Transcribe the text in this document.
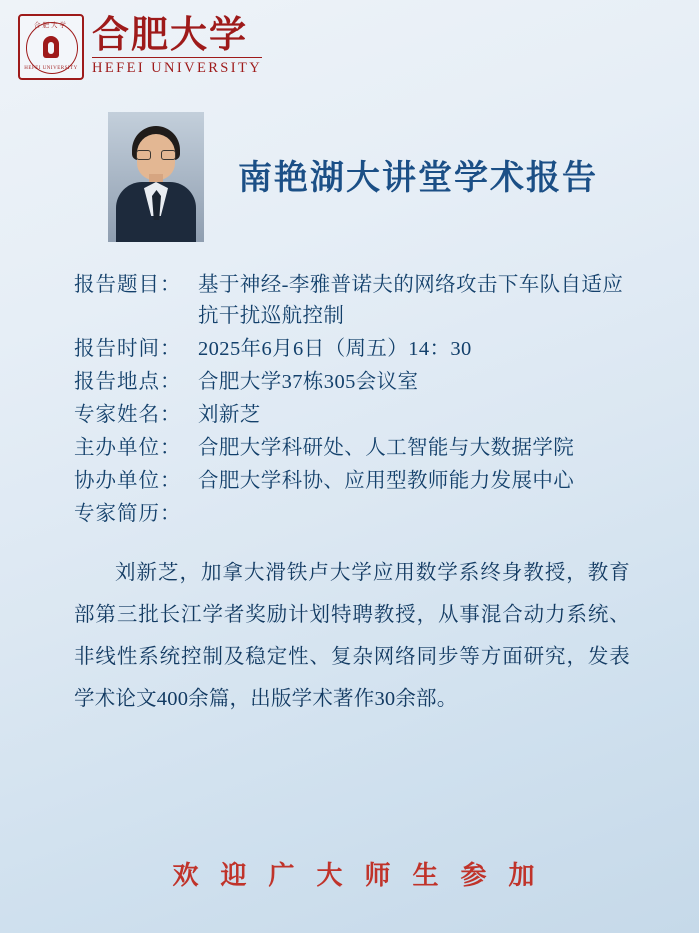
合肥大学
HEFEI UNIVERSITY
合肥大学
HEFEI UNIVERSITY
南艳湖大讲堂学术报告
报告题目： 基于神经-李雅普诺夫的网络攻击下车队自适应抗干扰巡航控制
报告时间： 2025年6月6日（周五）14：30
报告地点： 合肥大学37栋305会议室
专家姓名： 刘新芝
主办单位： 合肥大学科研处、人工智能与大数据学院
协办单位： 合肥大学科协、应用型教师能力发展中心
专家简历：
刘新芝，加拿大滑铁卢大学应用数学系终身教授，教育部第三批长江学者奖励计划特聘教授，从事混合动力系统、非线性系统控制及稳定性、复杂网络同步等方面研究，发表学术论文400余篇，出版学术著作30余部。
欢迎广大师生参加
